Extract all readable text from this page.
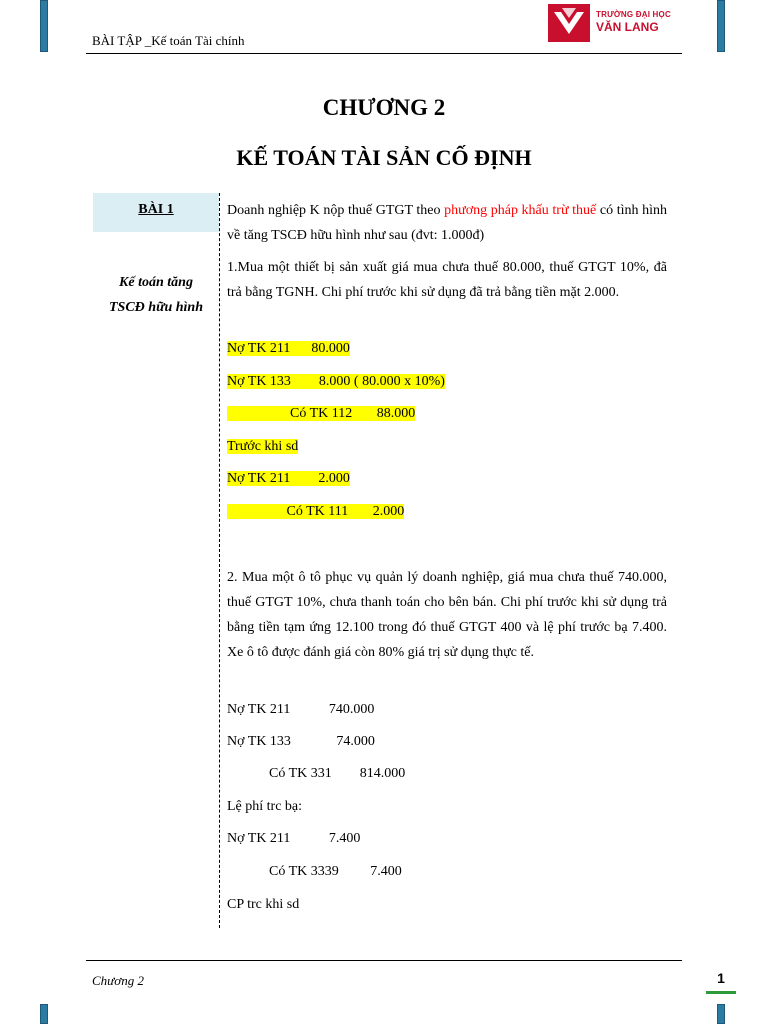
BÀI TẬP _Kế toán Tài chính
TRƯỜNG ĐẠI HỌC
VĂN LANG
CHƯƠNG 2
KẾ TOÁN TÀI SẢN CỐ ĐỊNH
BÀI 1
Kế toán tăng
TSCĐ hữu hình
Doanh nghiệp K nộp thuế GTGT theo phương pháp khấu trừ thuế có tình hình về tăng TSCĐ hữu hình như sau (đvt: 1.000đ)
1.Mua một thiết bị sản xuất giá mua chưa thuế 80.000, thuế GTGT 10%, đã trả bằng TGNH. Chi phí trước khi sử dụng đã trả bằng tiền mặt 2.000.
Nợ TK 211      80.000
Nợ TK 133        8.000 ( 80.000 x 10%)
Có TK 112       88.000
Trước khi sd
Nợ TK 211        2.000
Có TK 111       2.000
2. Mua một ô tô phục vụ quản lý doanh nghiệp, giá mua chưa thuế 740.000, thuế GTGT 10%, chưa thanh toán cho bên bán. Chi phí trước khi sử dụng trả bằng tiền tạm ứng 12.100 trong đó thuế GTGT 400 và lệ phí trước bạ 7.400. Xe ô tô được đánh giá còn 80% giá trị sử dụng thực tế.
Nợ TK 211           740.000
Nợ TK 133             74.000
Có TK 331        814.000
Lệ phí trc bạ:
Nợ TK 211           7.400
Có TK 3339         7.400
CP trc khi sd
Chương 2	1
